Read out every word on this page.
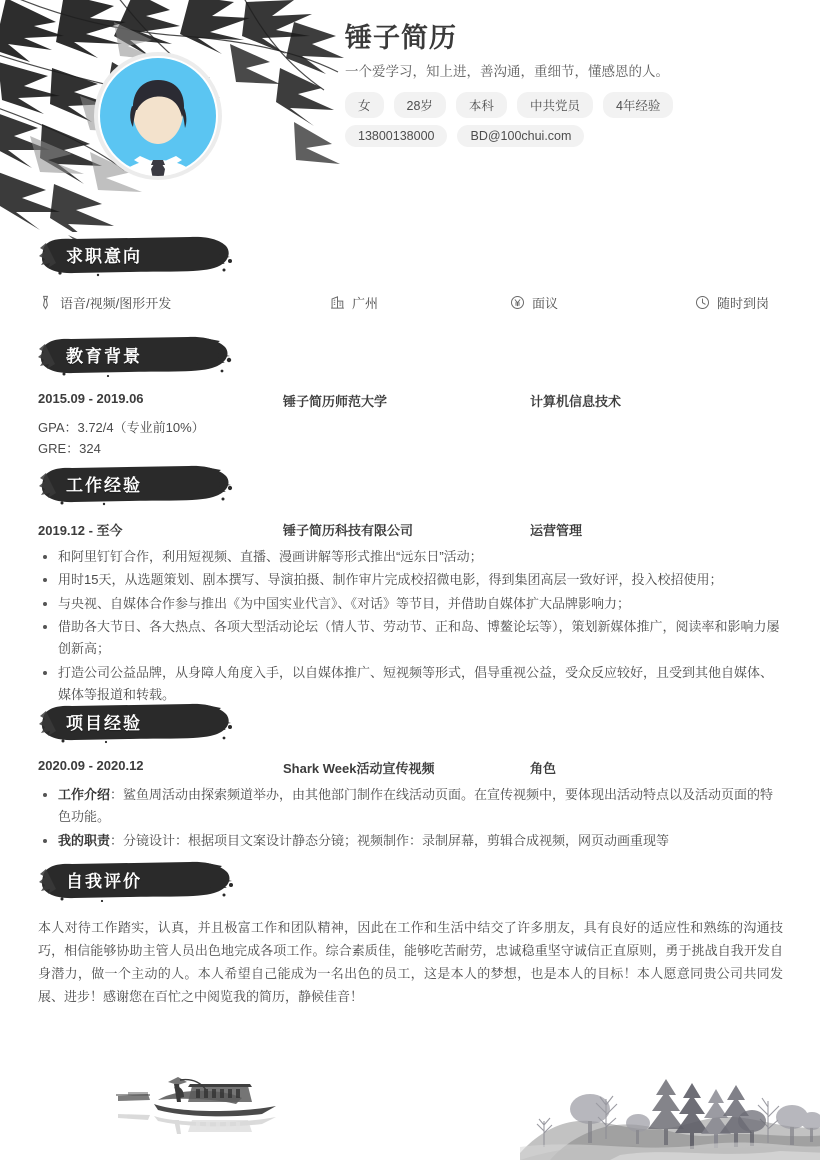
锤子简历
一个爱学习，知上进，善沟通，重细节，懂感恩的人。
女	28岁	本科	中共党员	4年经验
13800138000	BD@100chui.com
求职意向
语音/视频/图形开发	广州	面议	随时到岗
教育背景
2015.09 - 2019.06	锤子简历师范大学	计算机信息技术
GPA：3.72/4（专业前10%）
GRE：324
工作经验
2019.12 - 至今	锤子简历科技有限公司	运营管理
和阿里钉钉合作，利用短视频、直播、漫画讲解等形式推出“远东日”活动；
用时15天，从选题策划、剧本撰写、导演拍摄、制作审片完成校招微电影，得到集团高层一致好评，投入校招使用；
与央视、自媒体合作参与推出《为中国实业代言》、《对话》等节目，并借助自媒体扩大品牌影响力；
借助各大节日、各大热点、各项大型活动论坛（情人节、劳动节、正和岛、博鳌论坛等），策划新媒体推广，阅读率和影响力屡创新高；
打造公司公益品牌，从身障人角度入手，以自媒体推广、短视频等形式，倡导重视公益，受众反应较好，且受到其他自媒体、媒体等报道和转载。
项目经验
2020.09 - 2020.12	Shark Week活动宣传视频	角色
工作介绍：鲨鱼周活动由探索频道举办，由其他部门制作在线活动页面。在宣传视频中，要体现出活动特点以及活动页面的特色功能。
我的职责：分镜设计：根据项目文案设计静态分镜；视频制作：录制屏幕，剪辑合成视频，网页动画重现等
自我评价
本人对待工作踏实，认真，并且极富工作和团队精神，因此在工作和生活中结交了许多朋友，具有良好的适应性和熟练的沟通技巧，相信能够协助主管人员出色地完成各项工作。综合素质佳，能够吃苦耐劳，忠诚稳重坚守诚信正直原则，勇于挑战自我开发自身潜力，做一个主动的人。本人希望自己能成为一名出色的员工，这是本人的梦想，也是本人的目标！本人愿意同贵公司共同发展、进步！感谢您在百忙之中阅览我的简历，静候佳音！
